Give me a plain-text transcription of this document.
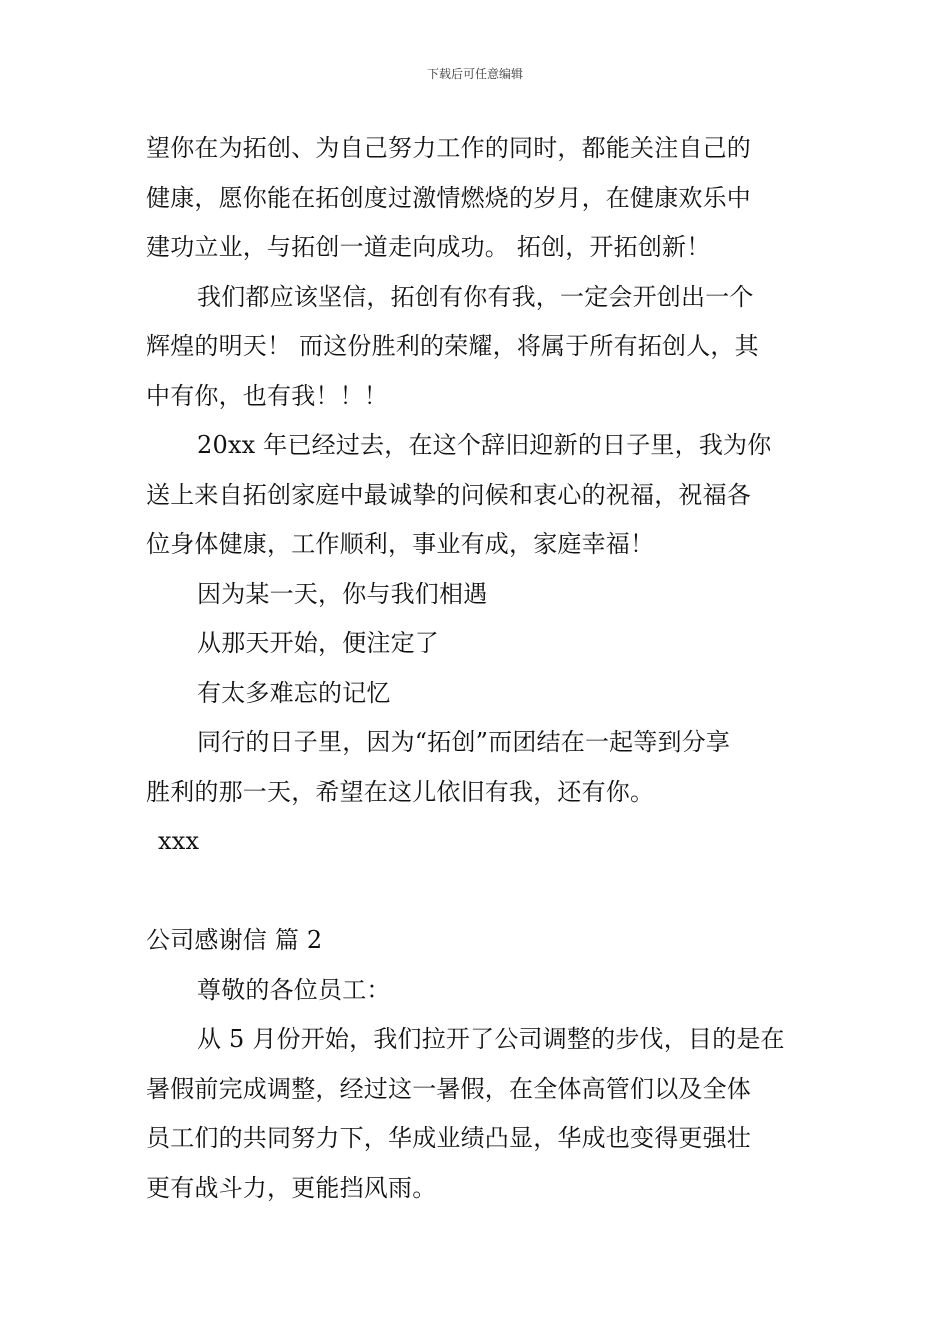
下载后可任意编辑
望你在为拓创、为自己努力工作的同时，都能关注自己的
健康，愿你能在拓创度过激情燃烧的岁月，在健康欢乐中
建功立业，与拓创一道走向成功。 拓创，开拓创新！
我们都应该坚信，拓创有你有我，一定会开创出一个
辉煌的明天！ 而这份胜利的荣耀，将属于所有拓创人，其
中有你，也有我！！！
20xx 年已经过去，在这个辞旧迎新的日子里，我为你
送上来自拓创家庭中最诚挚的问候和衷心的祝福，祝福各
位身体健康，工作顺利，事业有成，家庭幸福！
因为某一天，你与我们相遇
从那天开始，便注定了
有太多难忘的记忆
同行的日子里，因为“拓创”而团结在一起等到分享
胜利的那一天，希望在这儿依旧有我，还有你。
xxx
公司感谢信 篇 2
尊敬的各位员工：
从 5 月份开始，我们拉开了公司调整的步伐，目的是在
暑假前完成调整，经过这一暑假，在全体高管们以及全体
员工们的共同努力下，华成业绩凸显，华成也变得更强壮
更有战斗力，更能挡风雨。
